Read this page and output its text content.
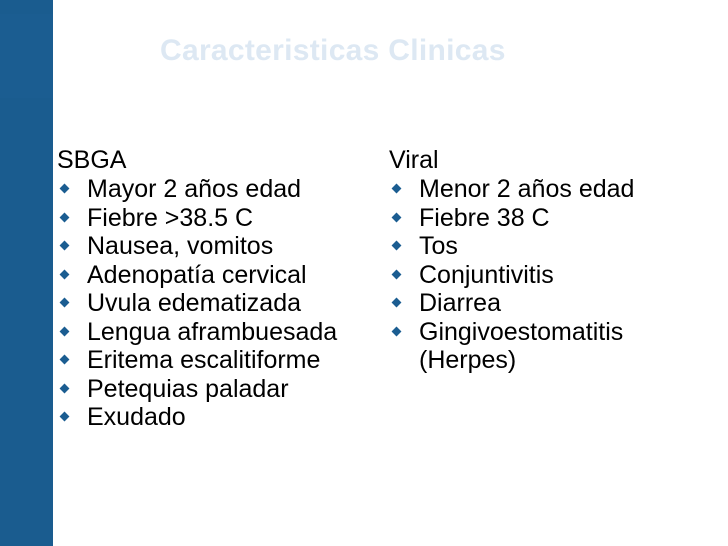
Caracteristicas Clinicas
SBGA
Mayor 2 años edad
Fiebre >38.5 C
Nausea, vomitos
Adenopatía cervical
Uvula edematizada
Lengua aframbuesada
Eritema escalitiforme
Petequias paladar
Exudado
Viral
Menor 2 años edad
Fiebre 38 C
Tos
Conjuntivitis
Diarrea
Gingivoestomatitis (Herpes)
